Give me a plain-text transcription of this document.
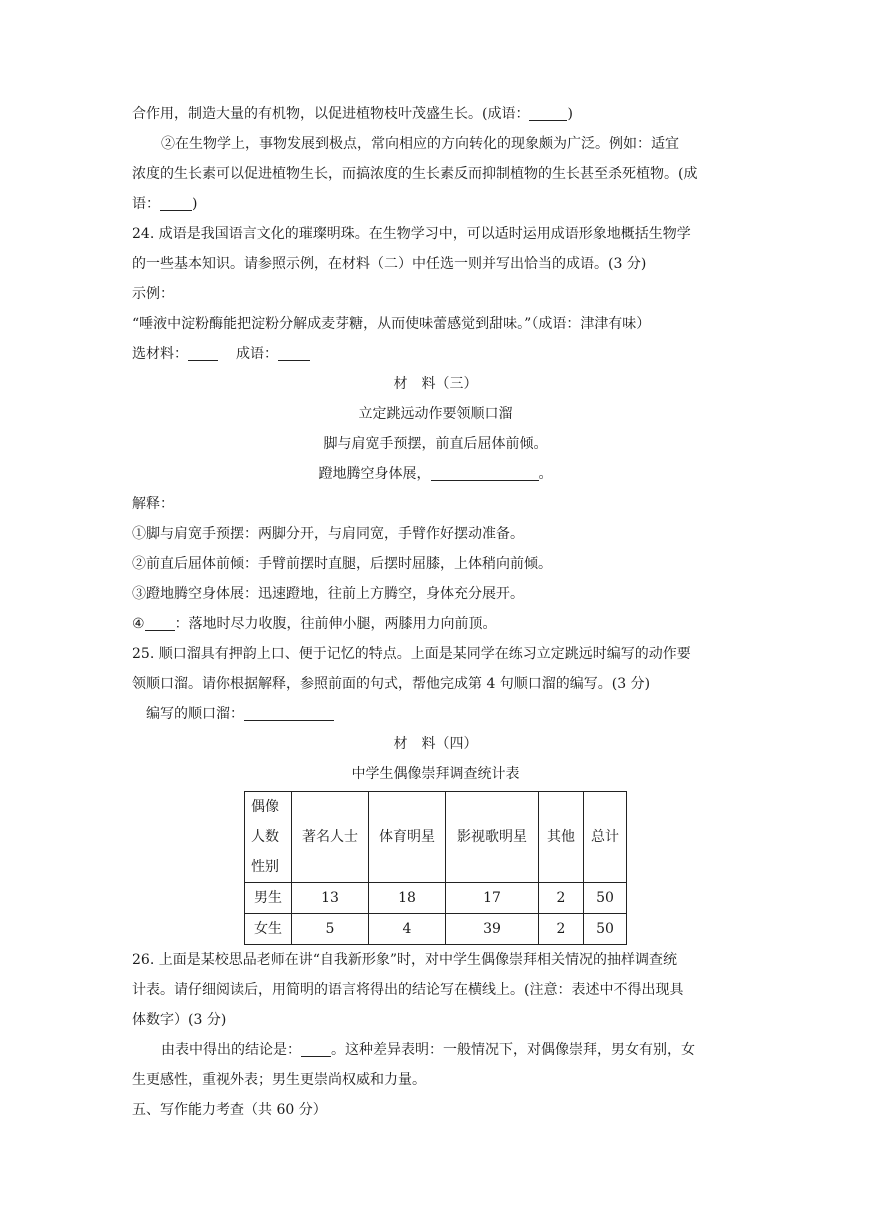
合作用，制造大量的有机物，以促进植物枝叶茂盛生长。(成语：	)

②在生物学上，事物发展到极点，常向相应的方向转化的现象颇为广泛。例如：适宜

浓度的生长素可以促进植物生长，而搞浓度的生长素反而抑制植物的生长甚至杀死植物。(成

语： )

24. 成语是我国语言文化的璀璨明珠。在生物学习中，可以适时运用成语形象地概括生物学

的一些基本知识。请参照示例，在材料（二）中任选一则并写出恰当的成语。(3 分)

示例：

“唾液中淀粉酶能把淀粉分解成麦芽糖，从而使味蕾感觉到甜味。”（成语：津津有味）

选材料：	成语：

材　料（三）

立定跳远动作要领顺口溜

脚与肩宽手预摆，前直后屈体前倾。

蹬地腾空身体展，	。

解释：

①脚与肩宽手预摆：两脚分开，与肩同宽，手臂作好摆动准备。

②前直后屈体前倾：手臂前摆时直腿，后摆时屈膝，上体稍向前倾。

③蹬地腾空身体展：迅速蹬地，往前上方腾空，身体充分展开。

④ ：落地时尽力收腹，往前伸小腿，两膝用力向前顶。

25. 顺口溜具有押韵上口、便于记忆的特点。上面是某同学在练习立定跳远时编写的动作要

领顺口溜。请你根据解释，参照前面的句式，帮他完成第 4 句顺口溜的编写。(3 分)

编写的顺口溜：

材　料（四）

中学生偶像崇拜调查统计表

偶像
人数
性别	著名人士	体育明星	影视歌明星	其他	总计
男生	13	18	17	2	50
女生	5	4	39	2	50

26. 上面是某校思品老师在讲“自我新形象”时，对中学生偶像崇拜相关情况的抽样调查统

计表。请仔细阅读后，用简明的语言将得出的结论写在横线上。(注意：表述中不得出现具

体数字）(3 分)

由表中得出的结论是： 。这种差异表明：一般情况下，对偶像崇拜，男女有别，女

生更感性，重视外表；男生更崇尚权威和力量。

五、写作能力考查（共 60 分）
